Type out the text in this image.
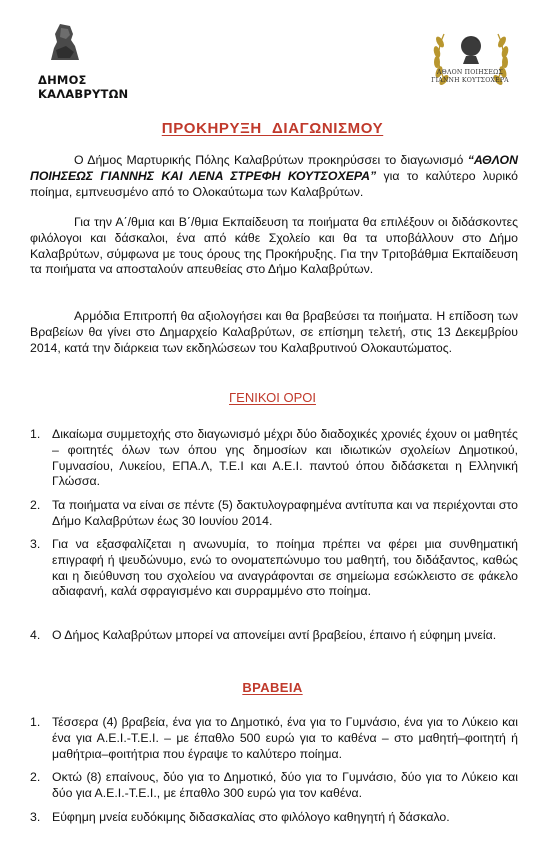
ΔΗΜΟΣ
ΚΑΛΑΒΡΥΤΩΝ
ΑΘΛΟΝ ΠΟΙΗΣΕΩΣ
ΓΙΑΝΝΗ ΚΟΥΤΣΟΧΕΡΑ
ΠΡΟΚΗΡΥΞΗ ΔΙΑΓΩΝΙΣΜΟΥ
Ο Δήμος Μαρτυρικής Πόλης Καλαβρύτων προκηρύσσει το διαγωνισμό “ΑΘΛΟΝ ΠΟΙΗΣΕΩΣ ΓΙΑΝΝΗΣ ΚΑΙ ΛΕΝΑ ΣΤΡΕΦΗ ΚΟΥΤΣΟΧΕΡΑ” για το καλύτερο λυρικό ποίημα, εμπνευσμένο από το Ολοκαύτωμα των Καλαβρύτων.
Για την Α΄/θμια και Β΄/θμια Εκπαίδευση τα ποιήματα θα επιλέξουν οι διδάσκοντες φιλόλογοι και δάσκαλοι, ένα από κάθε Σχολείο και θα τα υποβάλλουν στο Δήμο Καλαβρύτων, σύμφωνα με τους όρους της Προκήρυξης. Για την Τριτοβάθμια Εκπαίδευση τα ποιήματα να αποσταλούν απευθείας στο Δήμο Καλαβρύτων.
Αρμόδια Επιτροπή θα αξιολογήσει και θα βραβεύσει τα ποιήματα. Η επίδοση των Βραβείων θα γίνει στο Δημαρχείο Καλαβρύτων, σε επίσημη τελετή, στις 13 Δεκεμβρίου 2014, κατά την διάρκεια των εκδηλώσεων του Καλαβρυτινού Ολοκαυτώματος.
ΓΕΝΙΚΟΙ ΟΡΟΙ
1. Δικαίωμα συμμετοχής στο διαγωνισμό μέχρι δύο διαδοχικές χρονιές έχουν οι μαθητές – φοιτητές όλων των όπου γης δημοσίων και ιδιωτικών σχολείων Δημοτικού, Γυμνασίου, Λυκείου, ΕΠΑ.Λ, Τ.Ε.Ι και Α.Ε.Ι. παντού όπου διδάσκεται η Ελληνική Γλώσσα.
2. Τα ποιήματα να είναι σε πέντε (5) δακτυλογραφημένα αντίτυπα και να περιέχονται στο Δήμο Καλαβρύτων έως 30 Ιουνίου 2014.
3. Για να εξασφαλίζεται η ανωνυμία, το ποίημα πρέπει να φέρει μια συνθηματική επιγραφή ή ψευδώνυμο, ενώ το ονοματεπώνυμο του μαθητή, του διδάξαντος, καθώς και η διεύθυνση του σχολείου να αναγράφονται σε σημείωμα εσώκλειστο σε φάκελο αδιαφανή, καλά σφραγισμένο και συρραμμένο στο ποίημα.
4. Ο Δήμος Καλαβρύτων μπορεί να απονείμει αντί βραβείου, έπαινο ή εύφημη μνεία.
ΒΡΑΒΕΙΑ
1. Τέσσερα (4) βραβεία, ένα για το Δημοτικό, ένα για το Γυμνάσιο, ένα για το Λύκειο και ένα για Α.Ε.Ι.-Τ.Ε.Ι. – με έπαθλο 500 ευρώ για το καθένα – στο μαθητή–φοιτητή ή μαθήτρια–φοιτήτρια που έγραψε το καλύτερο ποίημα.
2. Οκτώ (8) επαίνους, δύο για το Δημοτικό, δύο για το Γυμνάσιο, δύο για το Λύκειο και δύο για Α.Ε.Ι.-Τ.Ε.Ι., με έπαθλο 300 ευρώ για τον καθένα.
3. Εύφημη μνεία ευδόκιμης διδασκαλίας στο φιλόλογο καθηγητή ή δάσκαλο.
